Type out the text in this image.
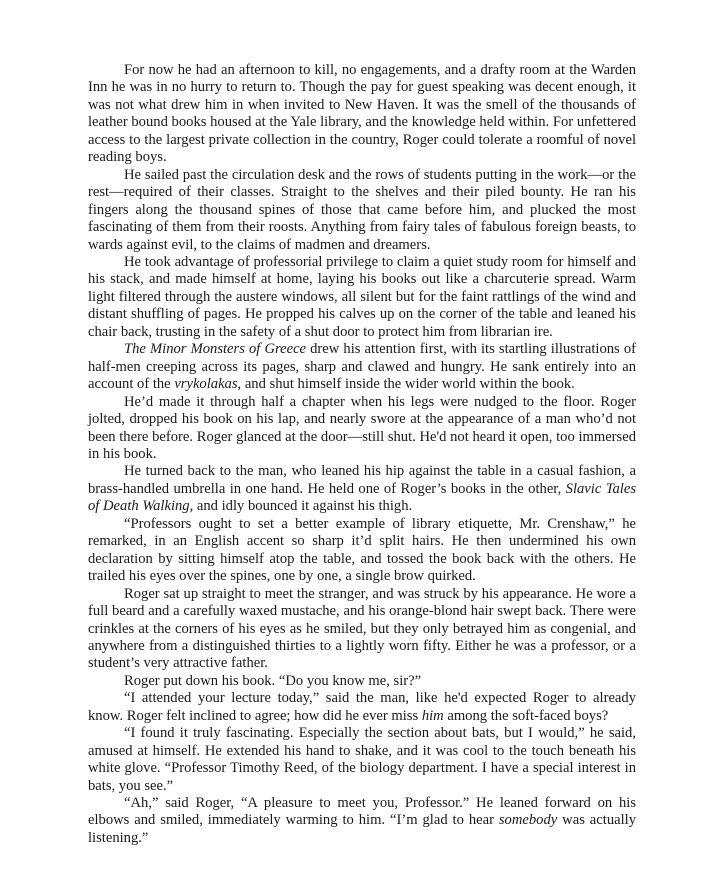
For now he had an afternoon to kill, no engagements, and a drafty room at the Warden Inn he was in no hurry to return to. Though the pay for guest speaking was decent enough, it was not what drew him in when invited to New Haven. It was the smell of the thousands of leather bound books housed at the Yale library, and the knowledge held within. For unfettered access to the largest private collection in the country, Roger could tolerate a roomful of novel reading boys.

He sailed past the circulation desk and the rows of students putting in the work—or the rest—required of their classes. Straight to the shelves and their piled bounty. He ran his fingers along the thousand spines of those that came before him, and plucked the most fascinating of them from their roosts. Anything from fairy tales of fabulous foreign beasts, to wards against evil, to the claims of madmen and dreamers.

He took advantage of professorial privilege to claim a quiet study room for himself and his stack, and made himself at home, laying his books out like a charcuterie spread. Warm light filtered through the austere windows, all silent but for the faint rattlings of the wind and distant shuffling of pages. He propped his calves up on the corner of the table and leaned his chair back, trusting in the safety of a shut door to protect him from librarian ire.

The Minor Monsters of Greece drew his attention first, with its startling illustrations of half-men creeping across its pages, sharp and clawed and hungry. He sank entirely into an account of the vrykolakas, and shut himself inside the wider world within the book.

He’d made it through half a chapter when his legs were nudged to the floor. Roger jolted, dropped his book on his lap, and nearly swore at the appearance of a man who’d not been there before. Roger glanced at the door—still shut. He'd not heard it open, too immersed in his book.

He turned back to the man, who leaned his hip against the table in a casual fashion, a brass-handled umbrella in one hand. He held one of Roger’s books in the other, Slavic Tales of Death Walking, and idly bounced it against his thigh.

“Professors ought to set a better example of library etiquette, Mr. Crenshaw,” he remarked, in an English accent so sharp it’d split hairs. He then undermined his own declaration by sitting himself atop the table, and tossed the book back with the others. He trailed his eyes over the spines, one by one, a single brow quirked.

Roger sat up straight to meet the stranger, and was struck by his appearance. He wore a full beard and a carefully waxed mustache, and his orange-blond hair swept back. There were crinkles at the corners of his eyes as he smiled, but they only betrayed him as congenial, and anywhere from a distinguished thirties to a lightly worn fifty. Either he was a professor, or a student’s very attractive father.

Roger put down his book. “Do you know me, sir?”

“I attended your lecture today,” said the man, like he'd expected Roger to already know. Roger felt inclined to agree; how did he ever miss him among the soft-faced boys?

“I found it truly fascinating. Especially the section about bats, but I would,” he said, amused at himself. He extended his hand to shake, and it was cool to the touch beneath his white glove. “Professor Timothy Reed, of the biology department. I have a special interest in bats, you see.”

“Ah,” said Roger, “A pleasure to meet you, Professor.” He leaned forward on his elbows and smiled, immediately warming to him. “I’m glad to hear somebody was actually listening.”
